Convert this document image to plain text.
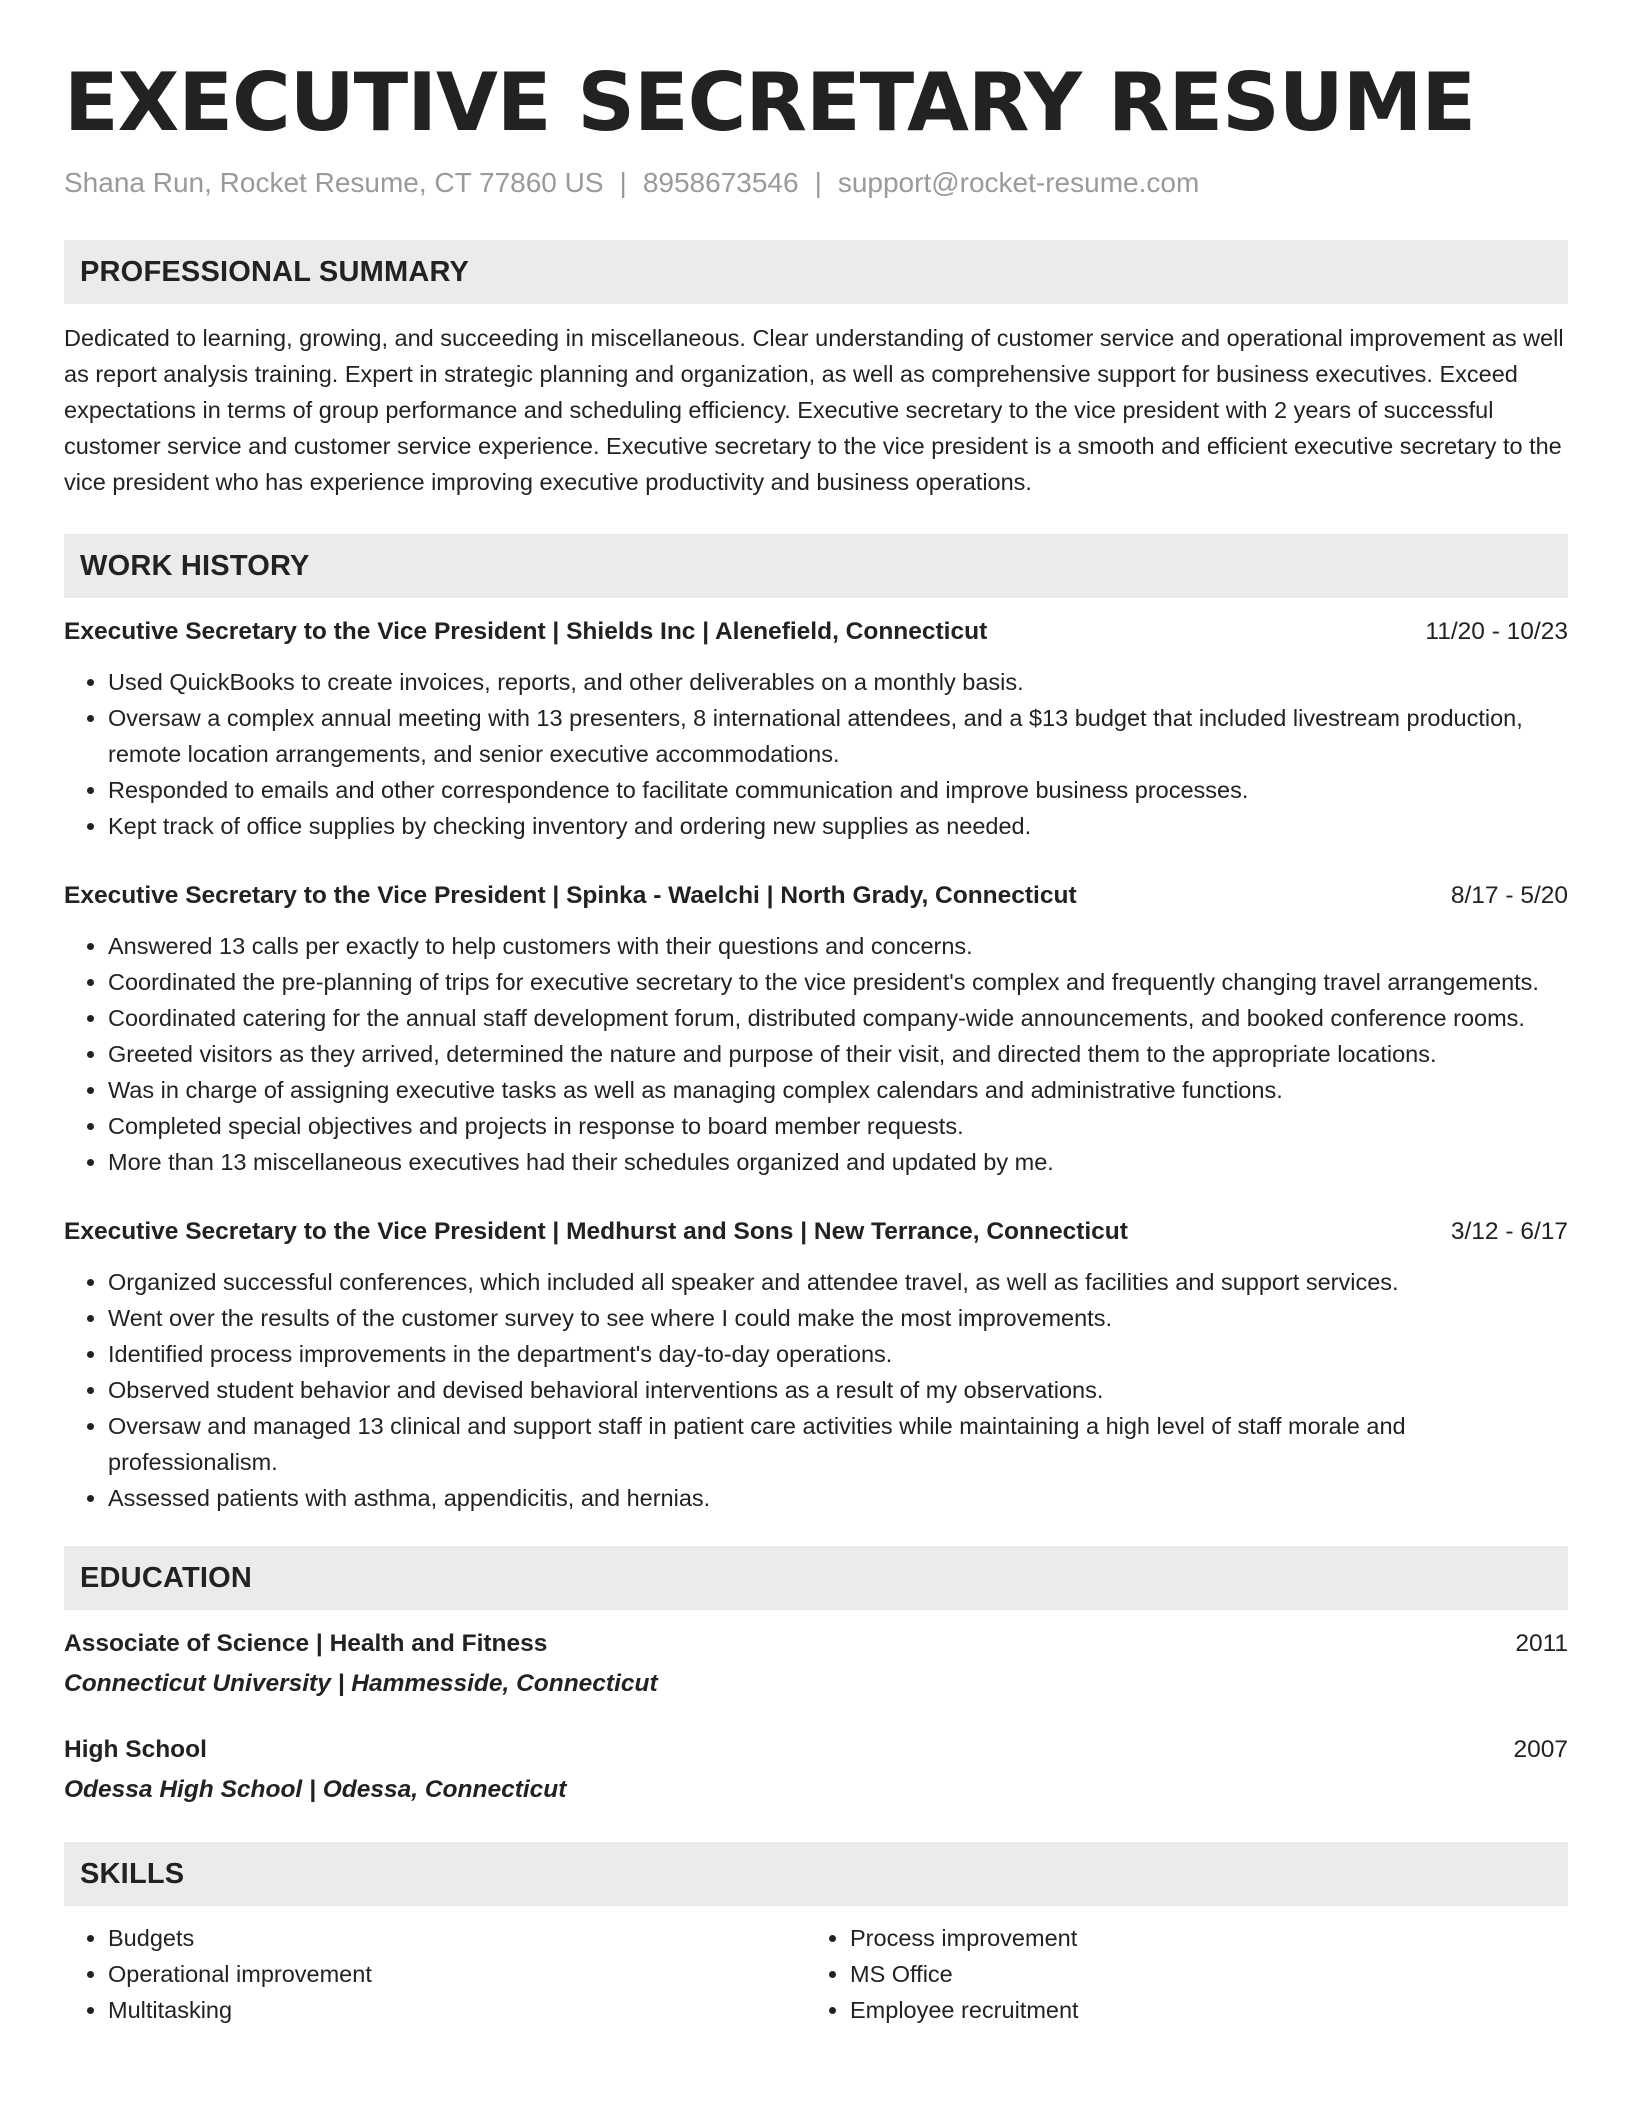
EXECUTIVE SECRETARY RESUME
Shana Run, Rocket Resume, CT 77860 US | 8958673546 | support@rocket-resume.com
PROFESSIONAL SUMMARY

Dedicated to learning, growing, and succeeding in miscellaneous. Clear understanding of customer service and operational improvement as well as report analysis training. Expert in strategic planning and organization, as well as comprehensive support for business executives. Exceed expectations in terms of group performance and scheduling efficiency. Executive secretary to the vice president with 2 years of successful customer service and customer service experience. Executive secretary to the vice president is a smooth and efficient executive secretary to the vice president who has experience improving executive productivity and business operations.

WORK HISTORY
Executive Secretary to the Vice President | Shields Inc | Alenefield, Connecticut	11/20 - 10/23
• Used QuickBooks to create invoices, reports, and other deliverables on a monthly basis.
• Oversaw a complex annual meeting with 13 presenters, 8 international attendees, and a $13 budget that included livestream production, remote location arrangements, and senior executive accommodations.
• Responded to emails and other correspondence to facilitate communication and improve business processes.
• Kept track of office supplies by checking inventory and ordering new supplies as needed.
Executive Secretary to the Vice President | Spinka - Waelchi | North Grady, Connecticut	8/17 - 5/20
• Answered 13 calls per exactly to help customers with their questions and concerns.
• Coordinated the pre-planning of trips for executive secretary to the vice president's complex and frequently changing travel arrangements.
• Coordinated catering for the annual staff development forum, distributed company-wide announcements, and booked conference rooms.
• Greeted visitors as they arrived, determined the nature and purpose of their visit, and directed them to the appropriate locations.
• Was in charge of assigning executive tasks as well as managing complex calendars and administrative functions.
• Completed special objectives and projects in response to board member requests.
• More than 13 miscellaneous executives had their schedules organized and updated by me.
Executive Secretary to the Vice President | Medhurst and Sons | New Terrance, Connecticut	3/12 - 6/17
• Organized successful conferences, which included all speaker and attendee travel, as well as facilities and support services.
• Went over the results of the customer survey to see where I could make the most improvements.
• Identified process improvements in the department's day-to-day operations.
• Observed student behavior and devised behavioral interventions as a result of my observations.
• Oversaw and managed 13 clinical and support staff in patient care activities while maintaining a high level of staff morale and professionalism.
• Assessed patients with asthma, appendicitis, and hernias.
EDUCATION
Associate of Science | Health and Fitness	2011
Connecticut University | Hammesside, Connecticut
High School	2007
Odessa High School | Odessa, Connecticut
SKILLS
• Budgets
• Operational improvement
• Multitasking
• Process improvement
• MS Office
• Employee recruitment
